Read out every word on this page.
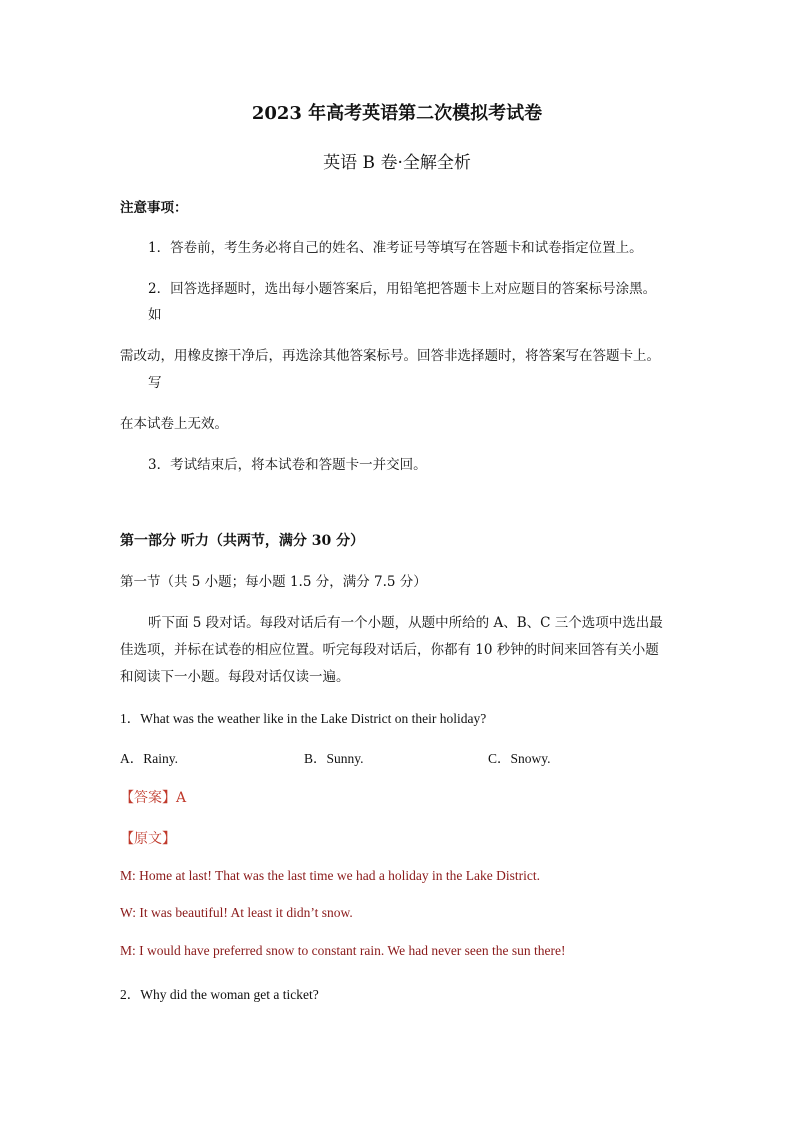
2023 年高考英语第二次模拟考试卷
英语 B 卷·全解全析
注意事项：
1．答卷前，考生务必将自己的姓名、准考证号等填写在答题卡和试卷指定位置上。
2．回答选择题时，选出每小题答案后，用铅笔把答题卡上对应题目的答案标号涂黑。
如
需改动，用橡皮擦干净后，再选涂其他答案标号。回答非选择题时，将答案写在答题卡上。
写
在本试卷上无效。
3．考试结束后，将本试卷和答题卡一并交回。
第一部分 听力（共两节，满分 30 分）
第一节（共 5 小题；每小题 1.5 分，满分 7.5 分）
听下面 5 段对话。每段对话后有一个小题，从题中所给的 A、B、C 三个选项中选出最
佳选项，并标在试卷的相应位置。听完每段对话后，你都有 10 秒钟的时间来回答有关小题
和阅读下一小题。每段对话仅读一遍。
1．What was the weather like in the Lake District on their holiday?
A．Rainy.	B．Sunny.	C．Snowy.
【答案】A
【原文】
M: Home at last! That was the last time we had a holiday in the Lake District.
W: It was beautiful! At least it didn’t snow.
M: I would have preferred snow to constant rain. We had never seen the sun there!
2．Why did the woman get a ticket?
